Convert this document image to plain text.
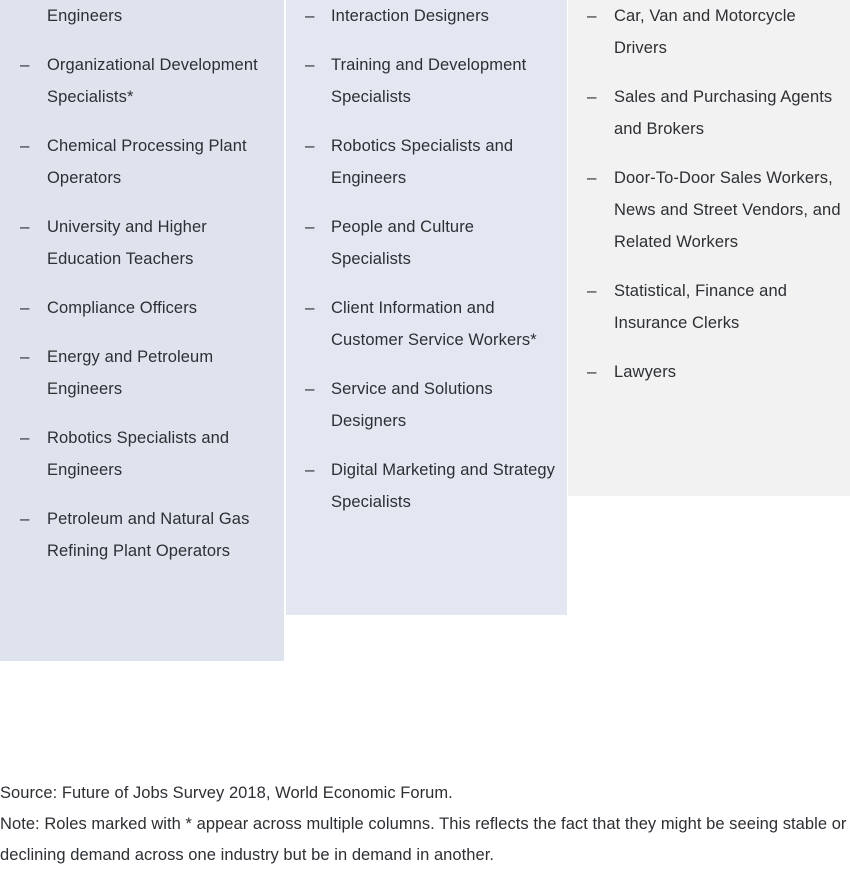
Engineers
– Organizational Development Specialists*
– Chemical Processing Plant Operators
– University and Higher Education Teachers
– Compliance Officers
– Energy and Petroleum Engineers
– Robotics Specialists and Engineers
– Petroleum and Natural Gas Refining Plant Operators
– Interaction Designers
– Training and Development Specialists
– Robotics Specialists and Engineers
– People and Culture Specialists
– Client Information and Customer Service Workers*
– Service and Solutions Designers
– Digital Marketing and Strategy Specialists
– Car, Van and Motorcycle Drivers
– Sales and Purchasing Agents and Brokers
– Door-To-Door Sales Workers, News and Street Vendors, and Related Workers
– Statistical, Finance and Insurance Clerks
– Lawyers

Source: Future of Jobs Survey 2018, World Economic Forum.

Note: Roles marked with * appear across multiple columns. This reflects the fact that they might be seeing stable or declining demand across one industry but be in demand in another.
